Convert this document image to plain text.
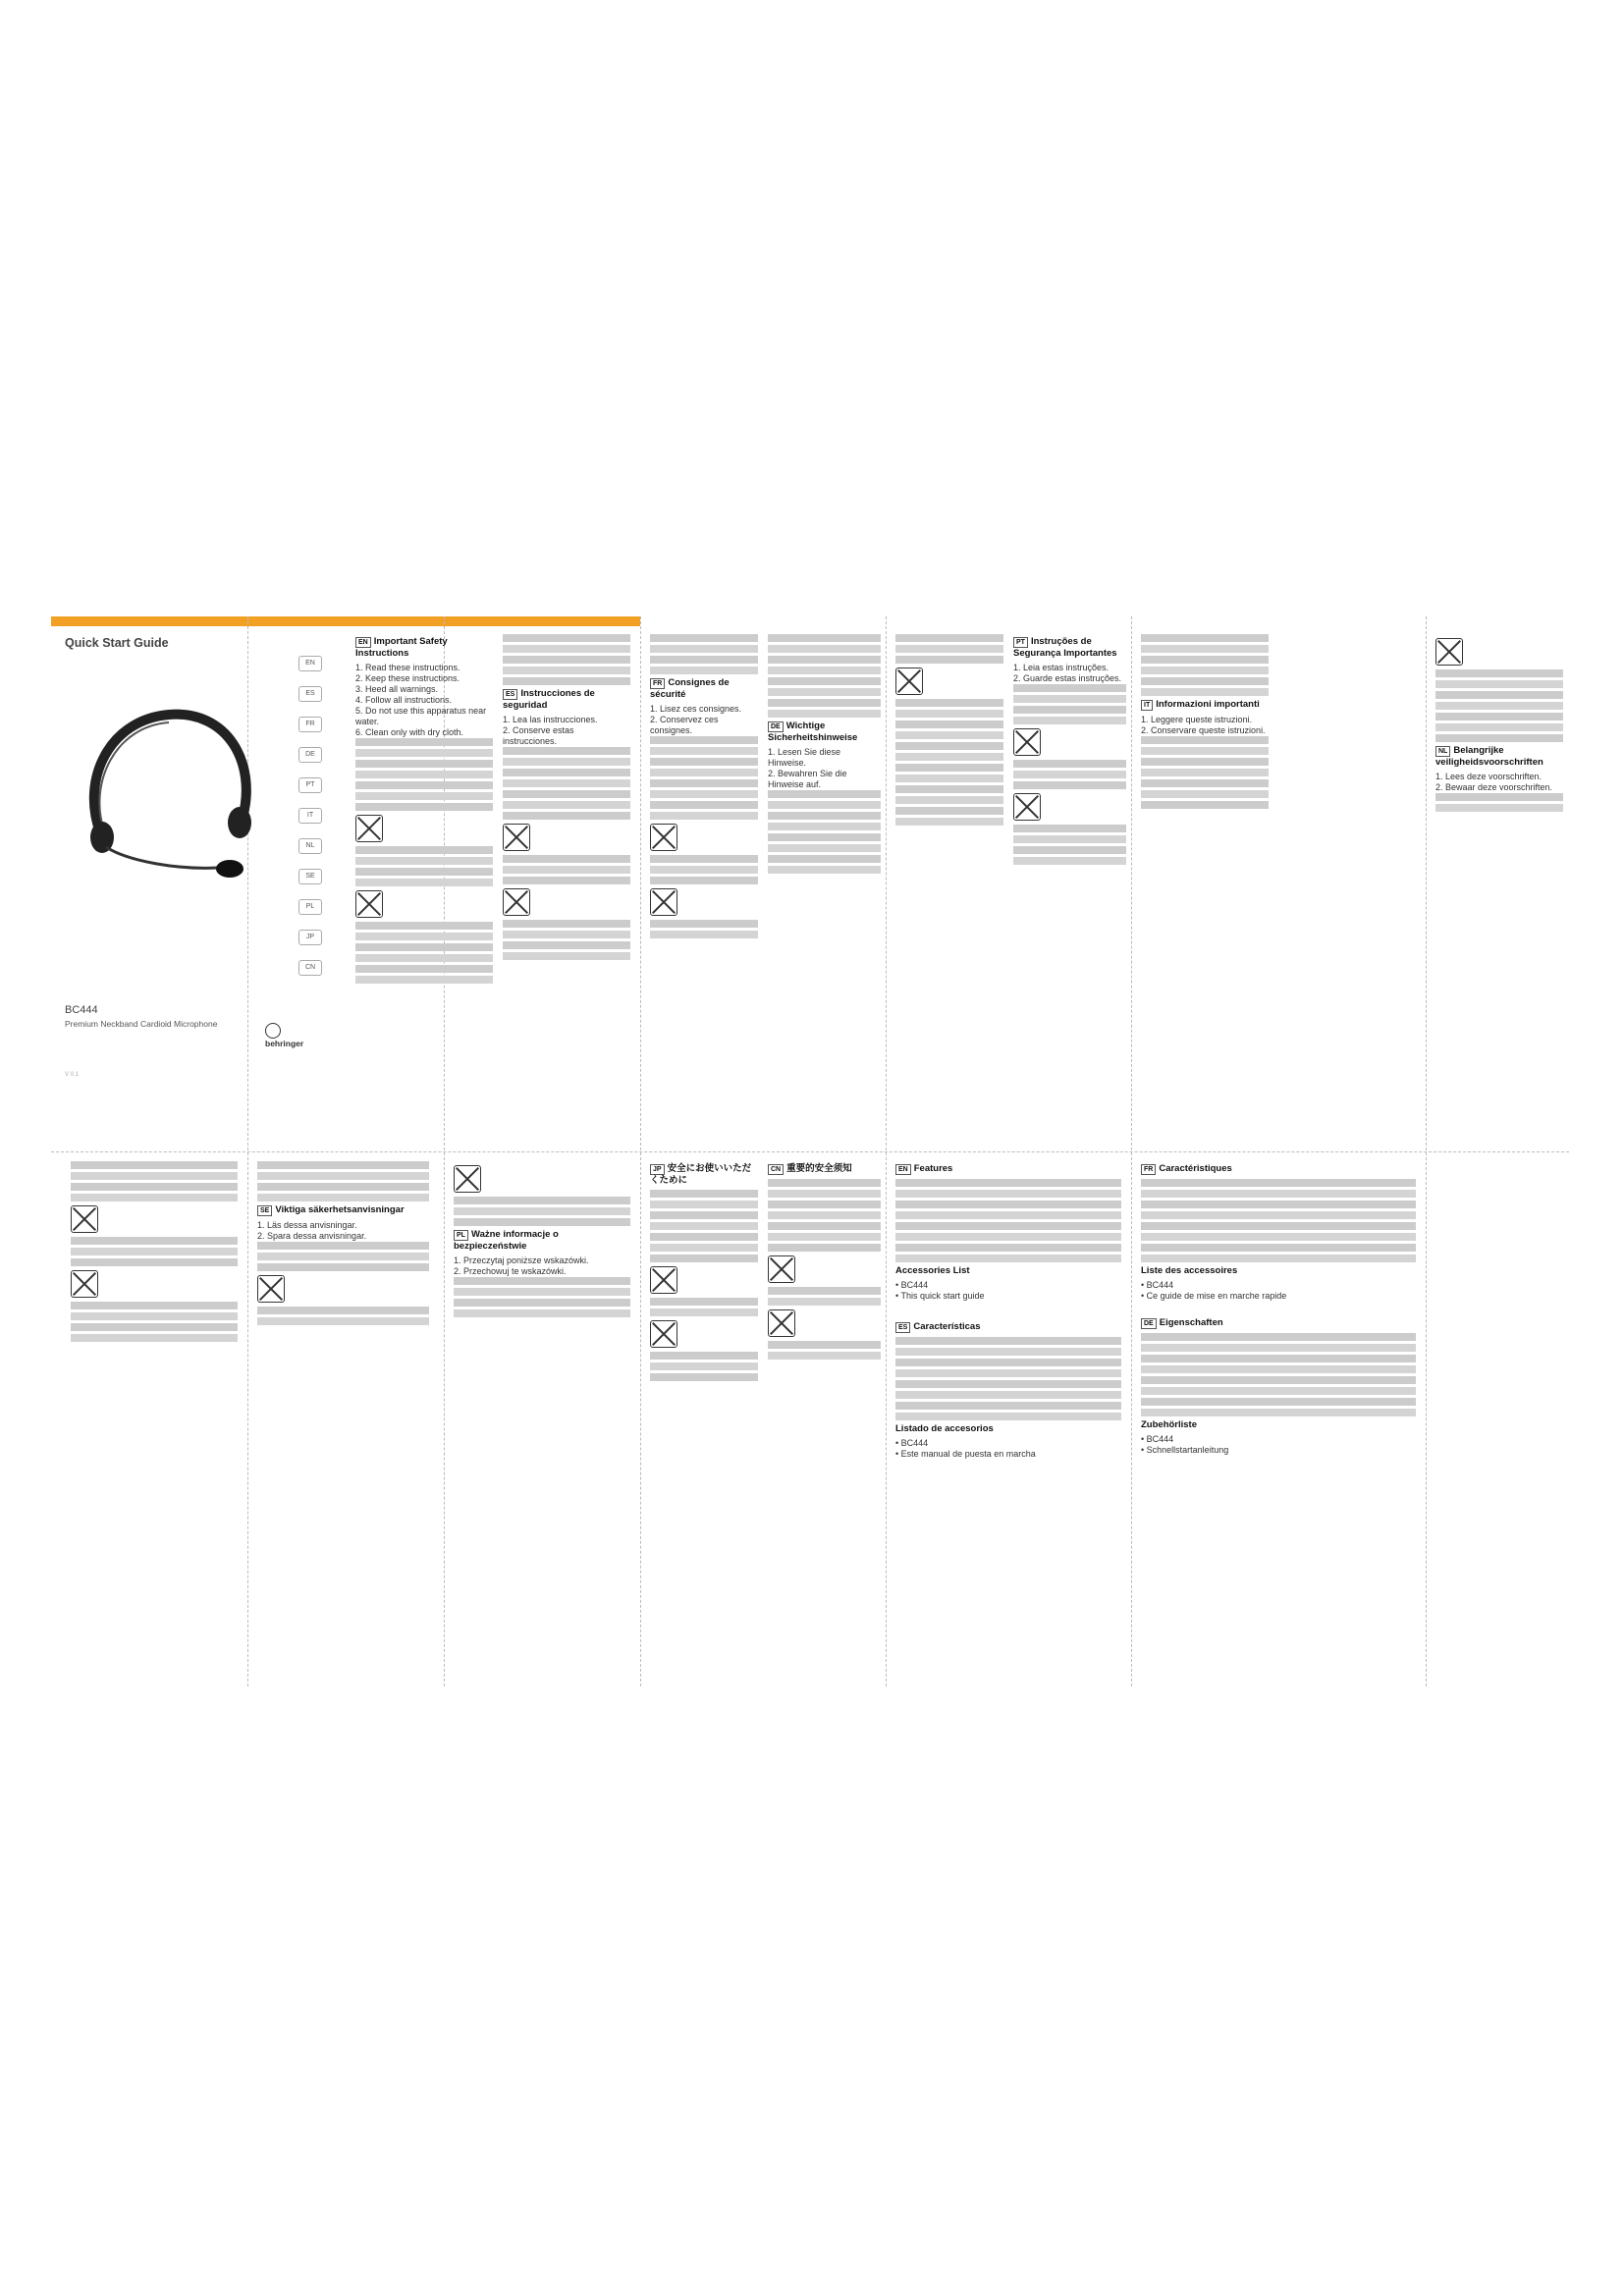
Quick Start Guide
EN
ES
FR
DE
PT
IT
NL
SE
PL
JP
CN
BC444
Premium Neckband Cardioid Microphone
behringer
V 0.1
EN Important Safety Instructions
1. Read these instructions.
2. Keep these instructions.
3. Heed all warnings.
4. Follow all instructions.
5. Do not use this apparatus near water.
6. Clean only with dry cloth.
ES Instrucciones de seguridad
1. Lea las instrucciones.
2. Conserve estas instrucciones.
FR Consignes de sécurité
1. Lisez ces consignes.
2. Conservez ces consignes.	DE Wichtige Sicherheitshinweise
1. Lesen Sie diese Hinweise.
2. Bewahren Sie die Hinweise auf.
PT Instruções de Segurança Importantes
1. Leia estas instruções.
2. Guarde estas instruções.
IT Informazioni importanti
1. Leggere queste istruzioni.
2. Conservare queste istruzioni.
NL Belangrijke veiligheidsvoorschriften
1. Lees deze voorschriften.
2. Bewaar deze voorschriften.
SE Viktiga säkerhetsanvisningar
1. Läs dessa anvisningar.
2. Spara dessa anvisningar.	PL Ważne informacje o bezpieczeństwie
1. Przeczytaj poniższe wskazówki.
2. Przechowuj te wskazówki.
JP 安全にお使いいただくために
CN 重要的安全须知	EN Features
Accessories List
• BC444
• This quick start guide
ES Características
Listado de accesorios
• BC444
• Este manual de puesta en marcha
FR Caractéristiques
Liste des accessoires
• BC444
• Ce guide de mise en marche rapide
DE Eigenschaften
Zubehörliste
• BC444
• Schnellstartanleitung
